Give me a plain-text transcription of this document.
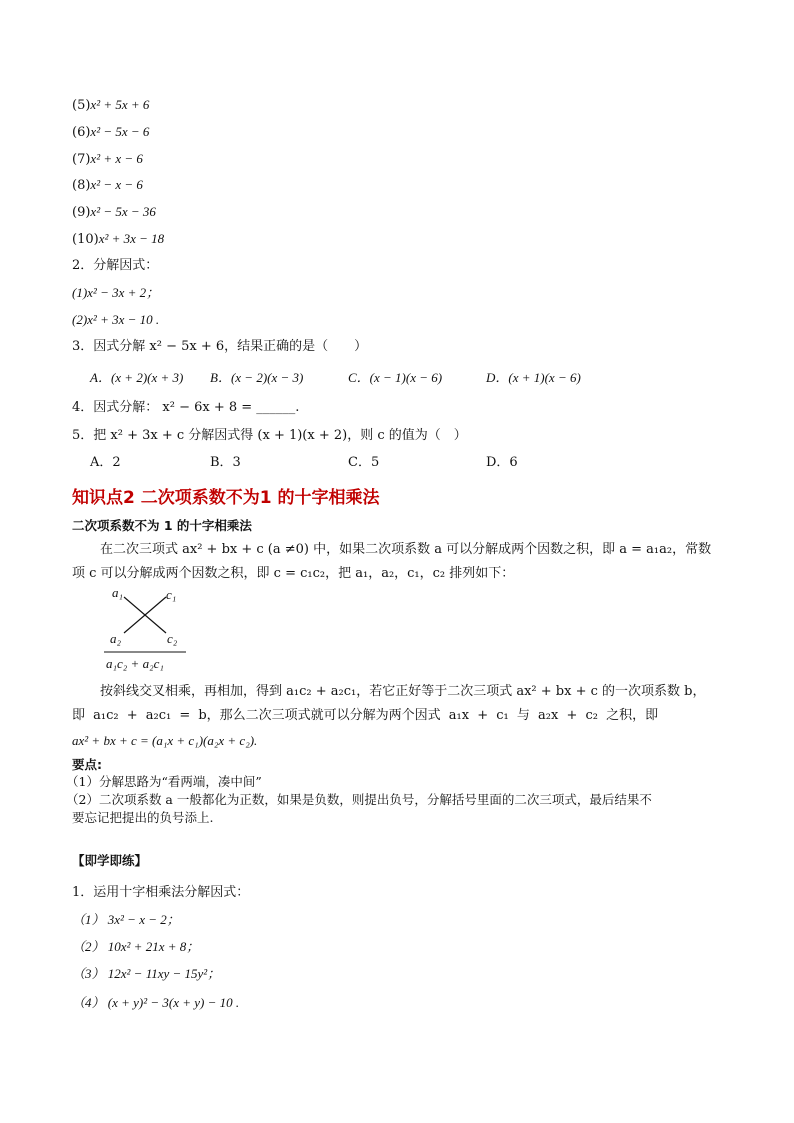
(5)x² + 5x + 6
(6)x² − 5x − 6
(7)x² + x − 6
(8)x² − x − 6
(9)x² − 5x − 36
(10)x² + 3x − 18
2．分解因式：
(1)x² − 3x + 2；
(2)x² + 3x − 10 .
3．因式分解 x² − 5x + 6，结果正确的是（　　）
A．(x + 2)(x + 3) B．(x − 2)(x − 3)	C．(x − 1)(x − 6)	D．(x + 1)(x − 6)
4．因式分解： x² − 6x + 8 = ______.
5．把 x² + 3x + c 分解因式得 (x + 1)(x + 2)，则 c 的值为（　）
A．2	B．3	C．5	D．6
知识点2 二次项系数不为1 的十字相乘法
二次项系数不为 1 的十字相乘法
在二次三项式 ax² + bx + c (a ≠0) 中，如果二次项系数 a 可以分解成两个因数之积，即 a = a₁a₂，常数
项 c 可以分解成两个因数之积，即 c = c₁c₂，把 a₁，a₂，c₁，c₂ 排列如下：
a₁	c₁
a₂	c₂
a₁c₂ + a₂c₁
按斜线交叉相乘，再相加，得到 a₁c₂ + a₂c₁，若它正好等于二次三项式 ax² + bx + c 的一次项系数 b，
即 a₁c₂ + a₂c₁ = b，那么二次三项式就可以分解为两个因式 a₁x + c₁ 与 a₂x + c₂ 之积，即
ax² + bx + c = (a₁x + c₁)(a₂x + c₂).
要点:
（1）分解思路为“看两端，凑中间”
（2）二次项系数 a 一般都化为正数，如果是负数，则提出负号，分解括号里面的二次三项式，最后结果不
要忘记把提出的负号添上.
【即学即练】
1．运用十字相乘法分解因式：
（1） 3x² − x − 2；
（2） 10x² + 21x + 8；
（3） 12x² − 11xy − 15y²；
（4） (x + y)² − 3(x + y) − 10 .
